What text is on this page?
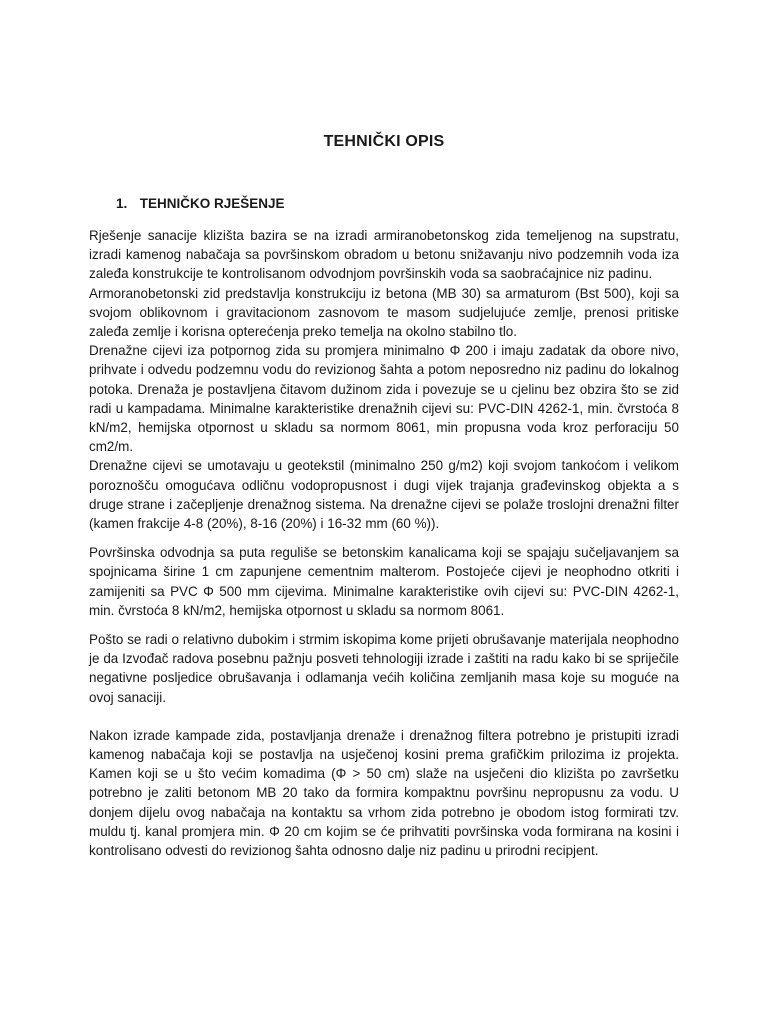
TEHNIČKI OPIS
1. TEHNIČKO RJEŠENJE

Rješenje sanacije klizišta bazira se na izradi armiranobetonskog zida temeljenog na supstratu, izradi kamenog nabačaja sa površinskom obradom u betonu snižavanju nivo podzemnih voda iza zaleđa konstrukcije te kontrolisanom odvodnjom površinskih voda sa saobraćajnice niz padinu.

Armoranobetonski zid predstavlja konstrukciju iz betona (MB 30) sa armaturom (Bst 500), koji sa svojom oblikovnom i gravitacionom zasnovom te masom sudjelujuće zemlje, prenosi pritiske zaleđa zemlje i korisna opterećenja preko temelja na okolno stabilno tlo.

Drenažne cijevi iza potpornog zida su promjera minimalno Φ 200 i imaju zadatak da obore nivo, prihvate i odvedu podzemnu vodu do revizionog šahta a potom neposredno niz padinu do lokalnog potoka. Drenaža je postavljena čitavom dužinom zida i povezuje se u cjelinu bez obzira što se zid radi u kampadama. Minimalne karakteristike drenažnih cijevi su: PVC-DIN 4262-1, min. čvrstoća 8 kN/m2, hemijska otpornost u skladu sa normom 8061, min propusna voda kroz perforaciju 50 cm2/m.

Drenažne cijevi se umotavaju u geotekstil (minimalno 250 g/m2) koji svojom tankoćom i velikom poroznošču omogućava odličnu vodopropusnost i dugi vijek trajanja građevinskog objekta a s druge strane i začepljenje drenažnog sistema. Na drenažne cijevi se polaže troslojni drenažni filter (kamen frakcije 4-8 (20%), 8-16 (20%) i 16-32 mm (60 %)).

Površinska odvodnja sa puta reguliše se betonskim kanalicama koji se spajaju sučeljavanjem sa spojnicama širine 1 cm zapunjene cementnim malterom. Postojeće cijevi je neophodno otkriti i zamijeniti sa PVC Φ 500 mm cijevima. Minimalne karakteristike ovih cijevi su: PVC-DIN 4262-1, min. čvrstoća 8 kN/m2, hemijska otpornost u skladu sa normom 8061.

Pošto se radi o relativno dubokim i strmim iskopima kome prijeti obrušavanje materijala neophodno je da Izvođač radova posebnu pažnju posveti tehnologiji izrade i zaštiti na radu kako bi se spriječile negativne posljedice obrušavanja i odlamanja većih količina zemljanih masa koje su moguće na ovoj sanaciji.

Nakon izrade kampade zida, postavljanja drenaže i drenažnog filtera potrebno je pristupiti izradi kamenog nabačaja koji se postavlja na usječenoj kosini prema grafičkim prilozima iz projekta. Kamen koji se u što većim komadima (Φ > 50 cm) slaže na usječeni dio klizišta po završetku potrebno je zaliti betonom MB 20 tako da formira kompaktnu površinu nepropusnu za vodu. U donjem dijelu ovog nabačaja na kontaktu sa vrhom zida potrebno je obodom istog formirati tzv. muldu tj. kanal promjera min. Φ 20 cm kojim se će prihvatiti površinska voda formirana na kosini i kontrolisano odvesti do revizionog šahta odnosno dalje niz padinu u prirodni recipjent.
